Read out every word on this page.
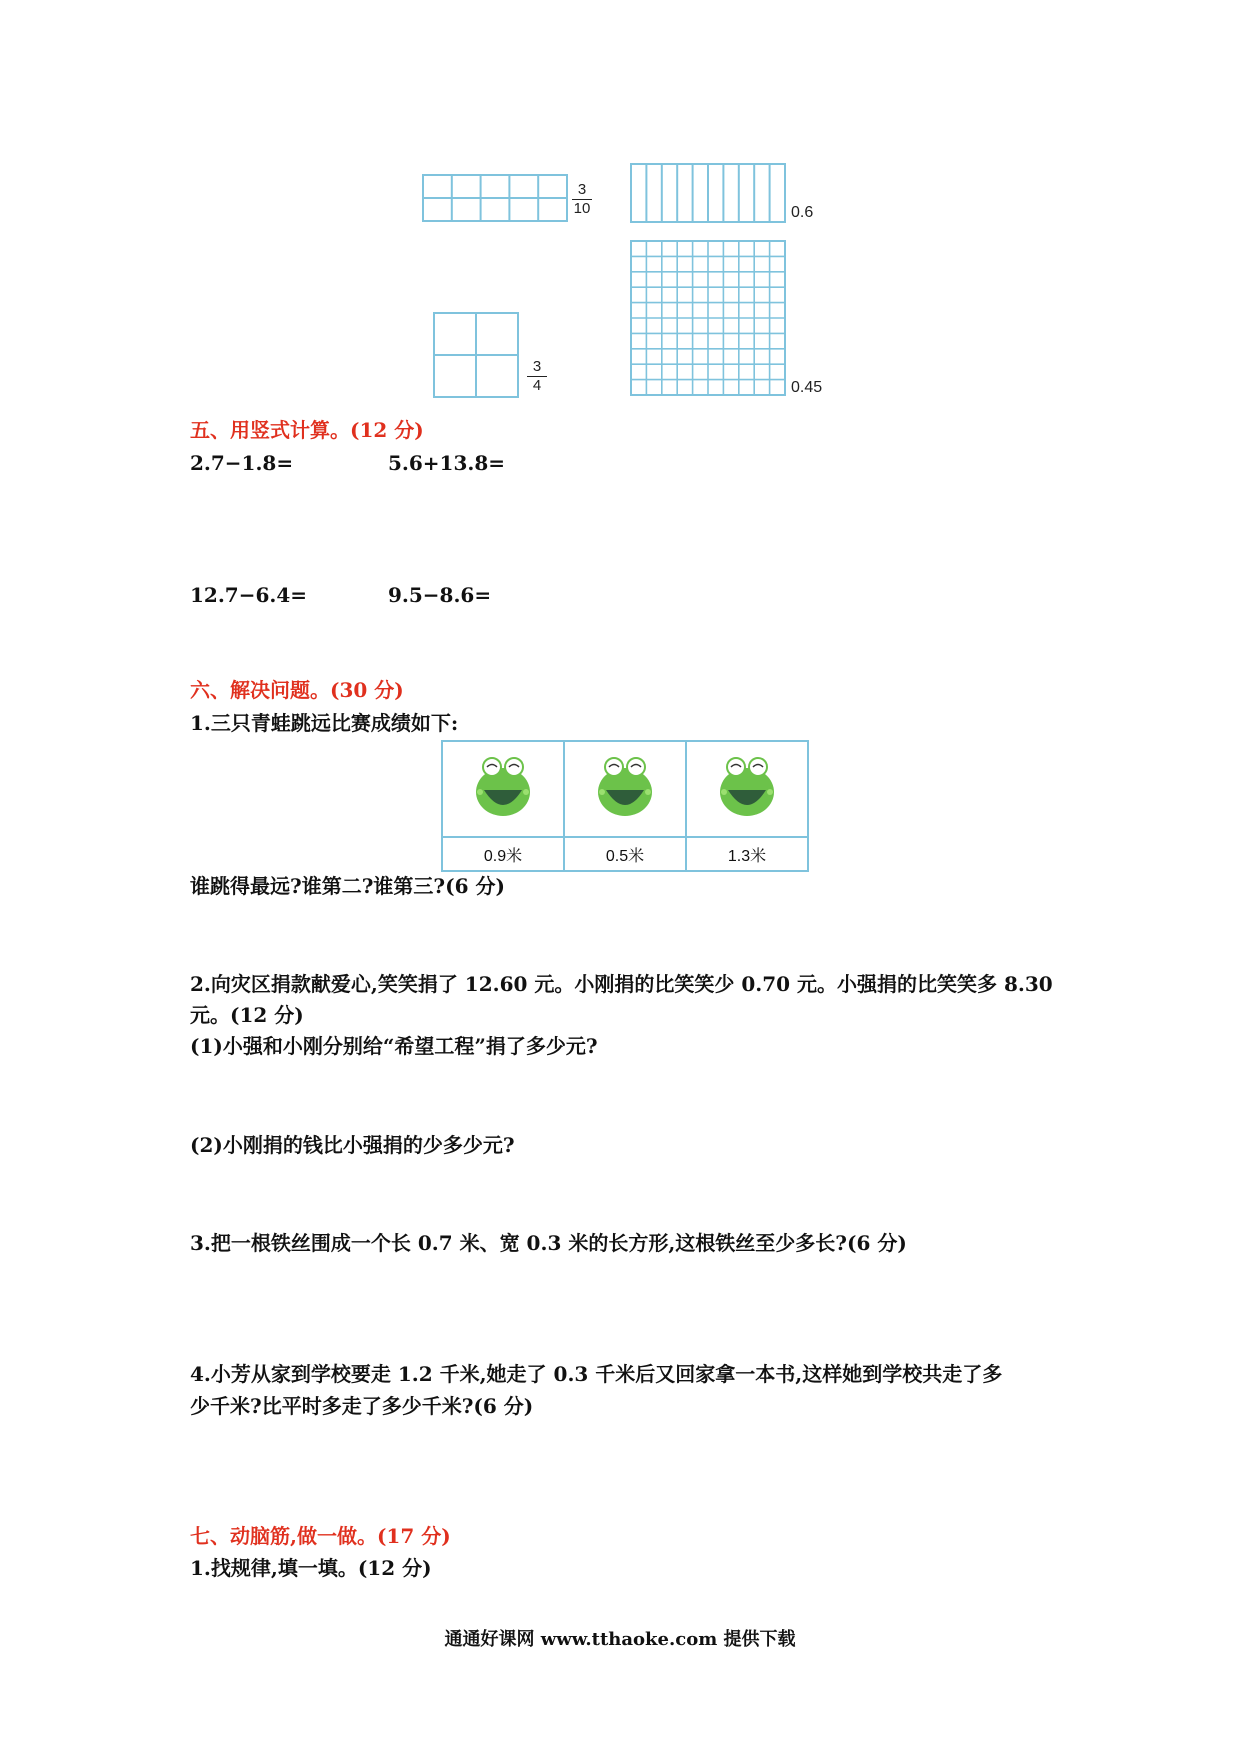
3
10	0.6
3
4	0.45
五、用竖式计算。(12 分)
2.7−1.8=	5.6+13.8=
12.7−6.4=	9.5−8.6=
六、解决问题。(30 分)
1.三只青蛙跳远比赛成绩如下:

0.9米	0.5米	1.3米
谁跳得最远?谁第二?谁第三?(6 分)
2.向灾区捐款献爱心,笑笑捐了 12.60 元。小刚捐的比笑笑少 0.70 元。小强捐的比笑笑多 8.30
元。(12 分)
(1)小强和小刚分别给“希望工程”捐了多少元?
(2)小刚捐的钱比小强捐的少多少元?
3.把一根铁丝围成一个长 0.7 米、宽 0.3 米的长方形,这根铁丝至少多长?(6 分)
4.小芳从家到学校要走 1.2 千米,她走了 0.3 千米后又回家拿一本书,这样她到学校共走了多
少千米?比平时多走了多少千米?(6 分)
七、动脑筋,做一做。(17 分)
1.找规律,填一填。(12 分)
通通好课网 www.tthaoke.com 提供下载
